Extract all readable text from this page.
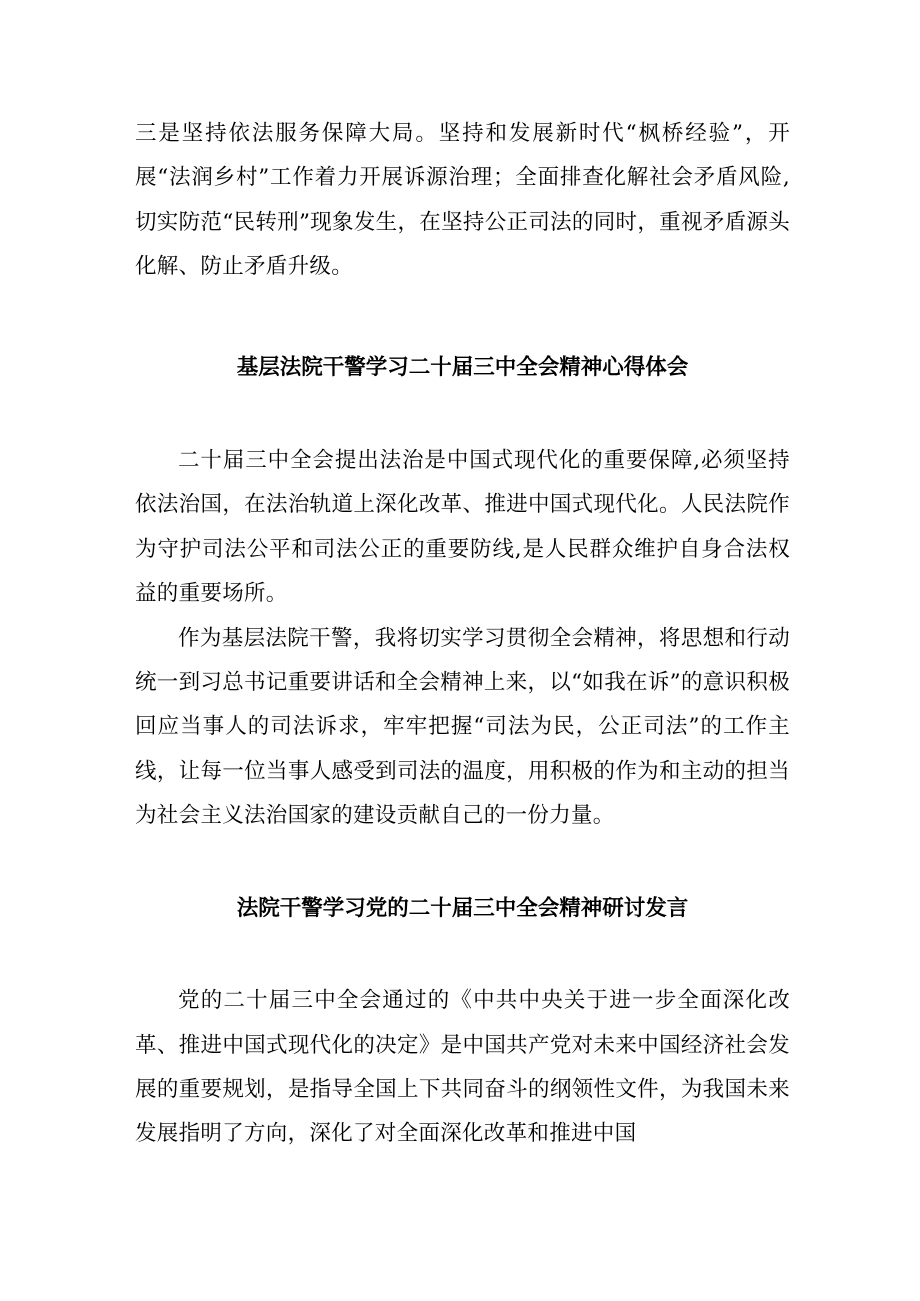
三是坚持依法服务保障大局。坚持和发展新时代“枫桥经验”，开展“法润乡村”工作着力开展诉源治理；全面排查化解社会矛盾风险,切实防范“民转刑”现象发生，在坚持公正司法的同时，重视矛盾源头化解、防止矛盾升级。

基层法院干警学习二十届三中全会精神心得体会

二十届三中全会提出法治是中国式现代化的重要保障,必须坚持依法治国，在法治轨道上深化改革、推进中国式现代化。人民法院作为守护司法公平和司法公正的重要防线,是人民群众维护自身合法权益的重要场所。

作为基层法院干警，我将切实学习贯彻全会精神，将思想和行动统一到习总书记重要讲话和全会精神上来，以“如我在诉”的意识积极回应当事人的司法诉求，牢牢把握“司法为民，公正司法”的工作主线，让每一位当事人感受到司法的温度，用积极的作为和主动的担当为社会主义法治国家的建设贡献自己的一份力量。

法院干警学习党的二十届三中全会精神研讨发言

党的二十届三中全会通过的《中共中央关于进一步全面深化改革、推进中国式现代化的决定》是中国共产党对未来中国经济社会发展的重要规划，是指导全国上下共同奋斗的纲领性文件，为我国未来发展指明了方向，深化了对全面深化改革和推进中国
